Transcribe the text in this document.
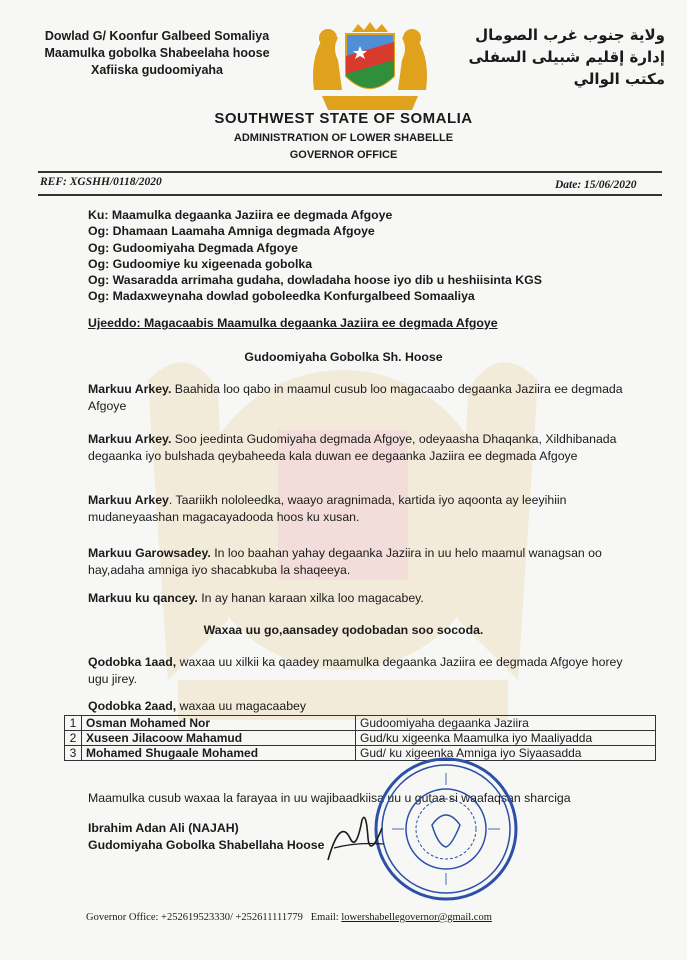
Dowlad G/ Koonfur Galbeed Somaliya
Maamulka gobolka Shabeelaha hoose
Xafiiska gudoomiyaha
ولاية جنوب غرب الصومال
إدارة إقليم شبيلى السفلى
مكتب الوالي
SOUTHWEST STATE OF SOMALIA
ADMINISTRATION OF LOWER SHABELLE
GOVERNOR OFFICE
REF: XGSHH/0118/2020	Date: 15/06/2020
Ku: Maamulka degaanka Jaziira ee degmada Afgoye
Og: Dhamaan Laamaha Amniga degmada Afgoye
Og: Gudoomiyaha Degmada Afgoye
Og: Gudoomiye ku xigeenada gobolka
Og: Wasaradda arrimaha gudaha, dowladaha hoose iyo dib u heshiisinta KGS
Og: Madaxweynaha dowlad goboleedka Konfurgalbeed Somaaliya
Ujeeddo: Magacaabis Maamulka degaanka Jaziira ee degmada Afgoye
Gudoomiyaha Gobolka Sh. Hoose
Markuu Arkey. Baahida loo qabo in maamul cusub loo magacaabo degaanka Jaziira ee degmada Afgoye
Markuu Arkey. Soo jeedinta Gudomiyaha degmada Afgoye, odeyaasha Dhaqanka, Xildhibanada degaanka iyo bulshada qeybaheeda kala duwan ee degaanka Jaziira ee degmada Afgoye
Markuu Arkey. Taariikh nololeedka, waayo aragnimada, kartida iyo aqoonta ay leeyihiin mudaneyaashan magacayadooda hoos ku xusan.
Markuu Garowsadey. In loo baahan yahay degaanka Jaziira in uu helo maamul wanagsan oo hay,adaha amniga iyo shacabkuba la shaqeeya.
Markuu ku qancey. In ay hanan karaan xilka loo magacabey.
Waxaa uu go,aansadey qodobadan soo socoda.
Qodobka 1aad, waxaa uu xilkii ka qaadey maamulka degaanka Jaziira ee degmada Afgoye horey ugu jirey.
Qodobka 2aad, waxaa uu magacaabey
1	Osman Mohamed Nor	Gudoomiyaha degaanka Jaziira
2	Xuseen Jilacoow Mahamud	Gud/ku xigeenka Maamulka iyo Maaliyadda
3	Mohamed Shugaale Mohamed	Gud/ ku xigeenka Amniga iyo Siyaasadda
Maamulka cusub waxaa la farayaa in uu wajibaadkiisa uu u gutaa si waafaqsan sharciga
Ibrahim Adan Ali (NAJAH)
Gudomiyaha Gobolka Shabellaha Hoose
Governor Office: +252619523330/ +252611111779 Email: lowershabellegovernor@gmail.com
